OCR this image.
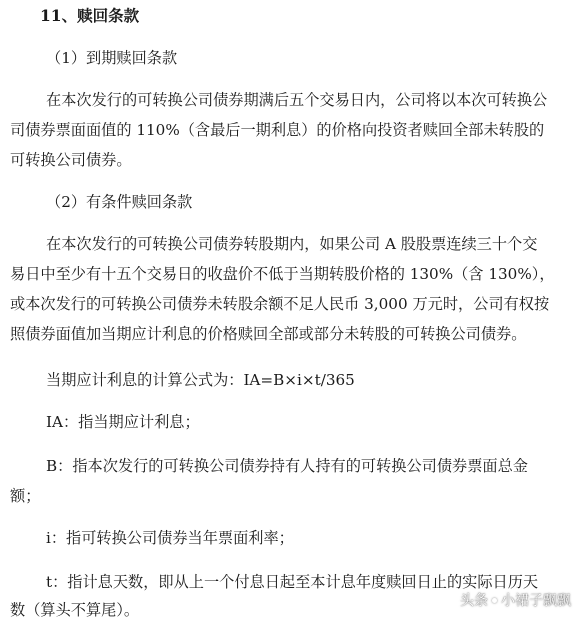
11、赎回条款
（1）到期赎回条款
在本次发行的可转换公司债券期满后五个交易日内，公司将以本次可转换公
司债券票面面值的 110%（含最后一期利息）的价格向投资者赎回全部未转股的
可转换公司债券。
（2）有条件赎回条款
在本次发行的可转换公司债券转股期内，如果公司 A 股股票连续三十个交
易日中至少有十五个交易日的收盘价不低于当期转股价格的 130%（含 130%），
或本次发行的可转换公司债券未转股余额不足人民币 3,000 万元时，公司有权按
照债券面值加当期应计利息的价格赎回全部或部分未转股的可转换公司债券。
当期应计利息的计算公式为：IA=B×i×t/365
IA：指当期应计利息；
B：指本次发行的可转换公司债券持有人持有的可转换公司债券票面总金
额；
i：指可转换公司债券当年票面利率；
t：指计息天数，即从上一个付息日起至本计息年度赎回日止的实际日历天
数（算头不算尾）。	头条 小裙子飘飘
